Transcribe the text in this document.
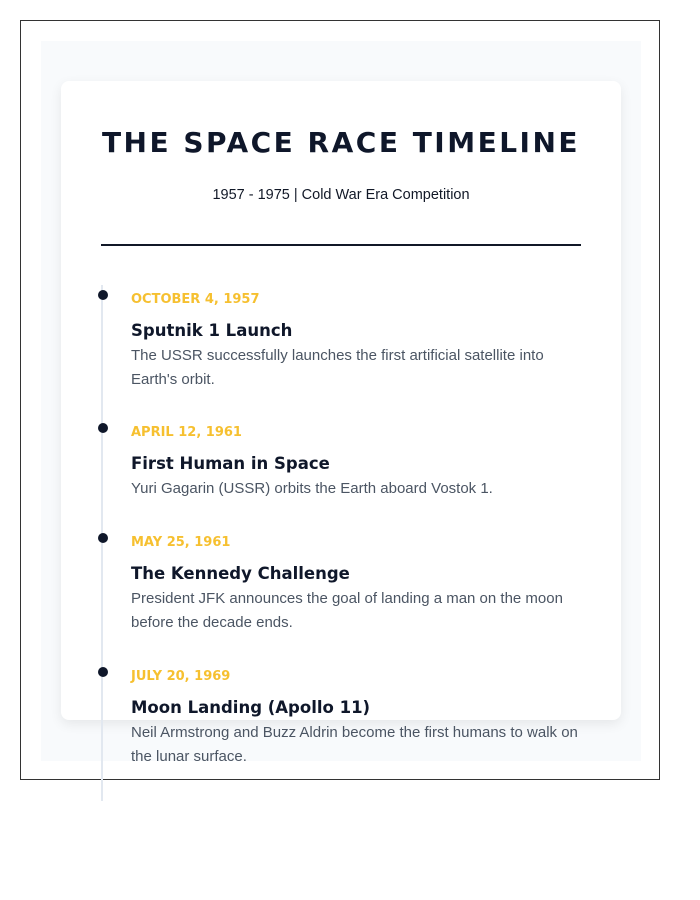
THE SPACE RACE TIMELINE
1957 - 1975 | Cold War Era Competition
OCTOBER 4, 1957
Sputnik 1 Launch
The USSR successfully launches the first artificial satellite into Earth's orbit.
APRIL 12, 1961
First Human in Space
Yuri Gagarin (USSR) orbits the Earth aboard Vostok 1.
MAY 25, 1961
The Kennedy Challenge
President JFK announces the goal of landing a man on the moon before the decade ends.
JULY 20, 1969
Moon Landing (Apollo 11)
Neil Armstrong and Buzz Aldrin become the first humans to walk on the lunar surface.
